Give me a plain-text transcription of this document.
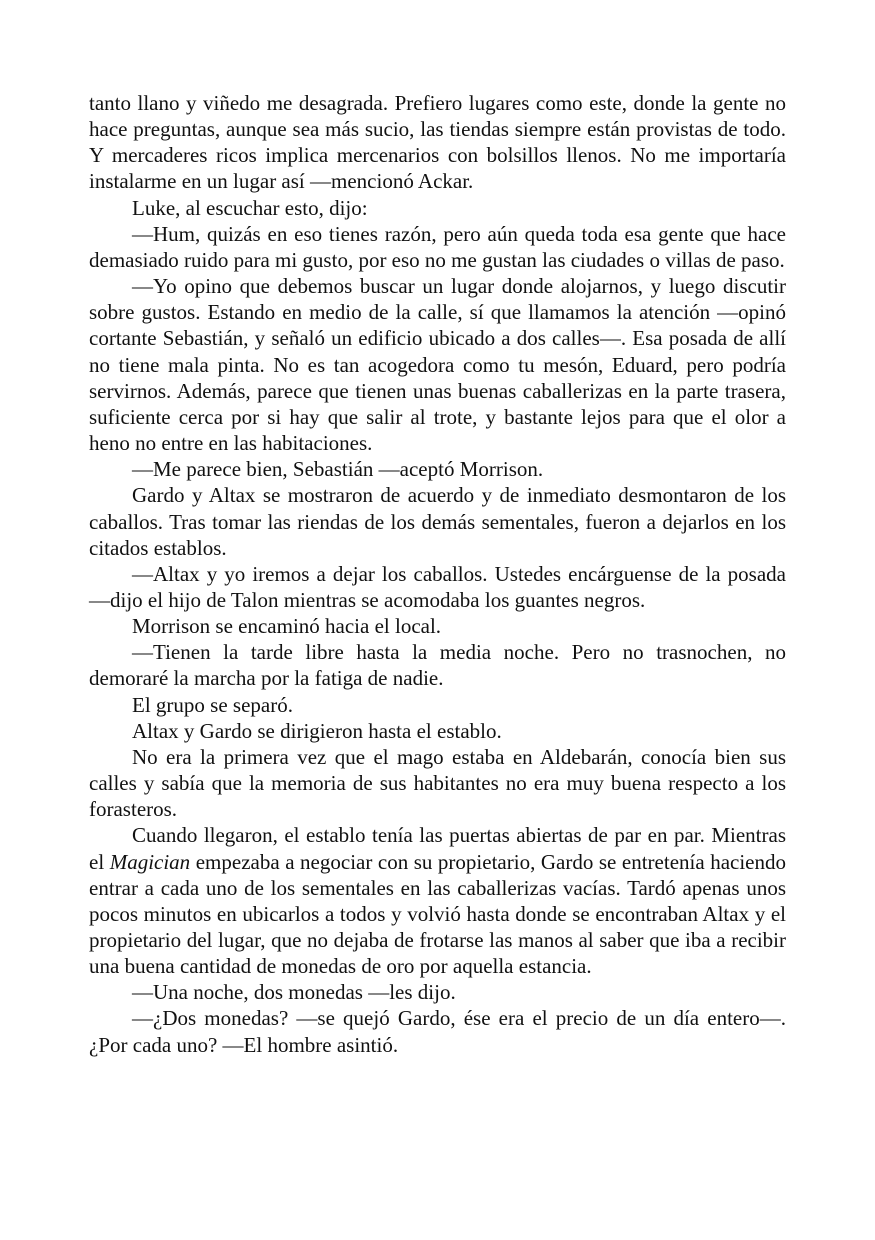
tanto llano y viñedo me desagrada. Prefiero lugares como este, donde la gente no hace preguntas, aunque sea más sucio, las tiendas siempre están provistas de todo. Y mercaderes ricos implica mercenarios con bolsillos llenos. No me importaría instalarme en un lugar así —mencionó Ackar.

Luke, al escuchar esto, dijo:

—Hum, quizás en eso tienes razón, pero aún queda toda esa gente que hace demasiado ruido para mi gusto, por eso no me gustan las ciudades o villas de paso.

—Yo opino que debemos buscar un lugar donde alojarnos, y luego discutir sobre gustos. Estando en medio de la calle, sí que llamamos la atención —opinó cortante Sebastián, y señaló un edificio ubicado a dos calles—. Esa posada de allí no tiene mala pinta. No es tan acogedora como tu mesón, Eduard, pero podría servirnos. Además, parece que tienen unas buenas caballerizas en la parte trasera, suficiente cerca por si hay que salir al trote, y bastante lejos para que el olor a heno no entre en las habitaciones.

—Me parece bien, Sebastián —aceptó Morrison.

Gardo y Altax se mostraron de acuerdo y de inmediato desmontaron de los caballos. Tras tomar las riendas de los demás sementales, fueron a dejarlos en los citados establos.

—Altax y yo iremos a dejar los caballos. Ustedes encárguense de la posada —dijo el hijo de Talon mientras se acomodaba los guantes negros.

Morrison se encaminó hacia el local.

—Tienen la tarde libre hasta la media noche. Pero no trasnochen, no demoraré la marcha por la fatiga de nadie.

El grupo se separó.

Altax y Gardo se dirigieron hasta el establo.

No era la primera vez que el mago estaba en Aldebarán, conocía bien sus calles y sabía que la memoria de sus habitantes no era muy buena respecto a los forasteros.

Cuando llegaron, el establo tenía las puertas abiertas de par en par. Mientras el Magician empezaba a negociar con su propietario, Gardo se entretenía haciendo entrar a cada uno de los sementales en las caballerizas vacías. Tardó apenas unos pocos minutos en ubicarlos a todos y volvió hasta donde se encontraban Altax y el propietario del lugar, que no dejaba de frotarse las manos al saber que iba a recibir una buena cantidad de monedas de oro por aquella estancia.

—Una noche, dos monedas —les dijo.

—¿Dos monedas? —se quejó Gardo, ése era el precio de un día entero—. ¿Por cada uno? —El hombre asintió.
